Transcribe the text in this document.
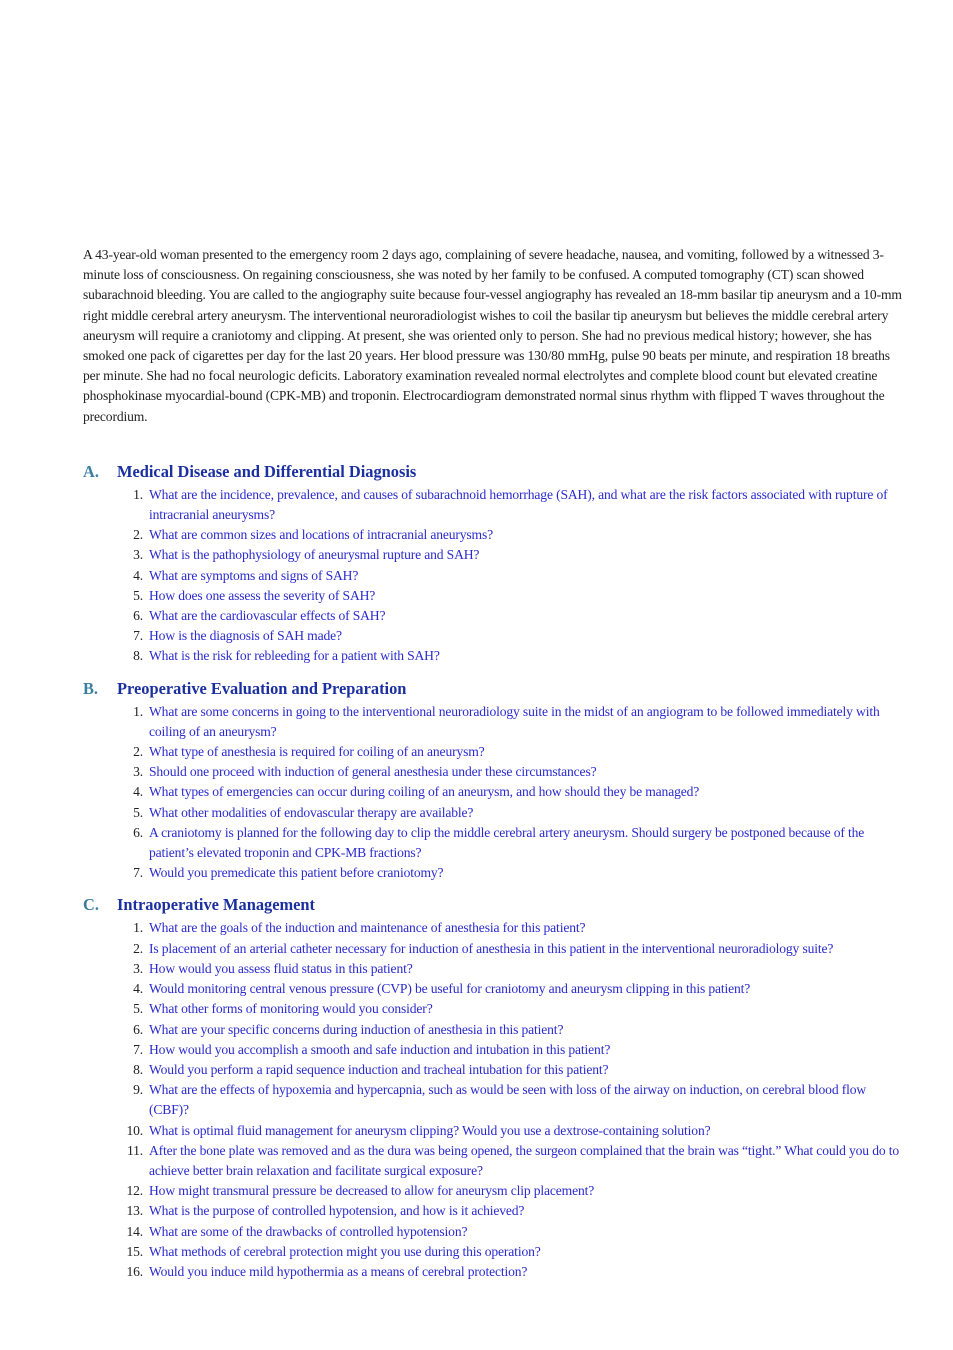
A 43-year-old woman presented to the emergency room 2 days ago, complaining of severe headache, nausea, and vomiting, followed by a witnessed 3-minute loss of consciousness. On regaining consciousness, she was noted by her family to be confused. A computed tomography (CT) scan showed subarachnoid bleeding. You are called to the angiography suite because four-vessel angiography has revealed an 18-mm basilar tip aneurysm and a 10-mm right middle cerebral artery aneurysm. The interventional neuroradiologist wishes to coil the basilar tip aneurysm but believes the middle cerebral artery aneurysm will require a craniotomy and clipping. At present, she was oriented only to person. She had no previous medical history; however, she has smoked one pack of cigarettes per day for the last 20 years. Her blood pressure was 130/80 mmHg, pulse 90 beats per minute, and respiration 18 breaths per minute. She had no focal neurologic deficits. Laboratory examination revealed normal electrolytes and complete blood count but elevated creatine phosphokinase myocardial-bound (CPK-MB) and troponin. Electrocardiogram demonstrated normal sinus rhythm with flipped T waves throughout the precordium.

A.	Medical Disease and Differential Diagnosis
1. What are the incidence, prevalence, and causes of subarachnoid hemorrhage (SAH), and what are the risk factors associated with rupture of intracranial aneurysms?
2. What are common sizes and locations of intracranial aneurysms?
3. What is the pathophysiology of aneurysmal rupture and SAH?
4. What are symptoms and signs of SAH?
5. How does one assess the severity of SAH?
6. What are the cardiovascular effects of SAH?
7. How is the diagnosis of SAH made?
8. What is the risk for rebleeding for a patient with SAH?
B.	Preoperative Evaluation and Preparation
1. What are some concerns in going to the interventional neuroradiology suite in the midst of an angiogram to be followed immediately with coiling of an aneurysm?
2. What type of anesthesia is required for coiling of an aneurysm?
3. Should one proceed with induction of general anesthesia under these circumstances?
4. What types of emergencies can occur during coiling of an aneurysm, and how should they be managed?
5. What other modalities of endovascular therapy are available?
6. A craniotomy is planned for the following day to clip the middle cerebral artery aneurysm. Should surgery be postponed because of the patient’s elevated troponin and CPK-MB fractions?
7. Would you premedicate this patient before craniotomy?
C.	Intraoperative Management
1. What are the goals of the induction and maintenance of anesthesia for this patient?
2. Is placement of an arterial catheter necessary for induction of anesthesia in this patient in the interventional neuroradiology suite?
3. How would you assess fluid status in this patient?
4. Would monitoring central venous pressure (CVP) be useful for craniotomy and aneurysm clipping in this patient?
5. What other forms of monitoring would you consider?
6. What are your specific concerns during induction of anesthesia in this patient?
7. How would you accomplish a smooth and safe induction and intubation in this patient?
8. Would you perform a rapid sequence induction and tracheal intubation for this patient?
9. What are the effects of hypoxemia and hypercapnia, such as would be seen with loss of the airway on induction, on cerebral blood flow (CBF)?
10. What is optimal fluid management for aneurysm clipping? Would you use a dextrose-containing solution?
11. After the bone plate was removed and as the dura was being opened, the surgeon complained that the brain was “tight.” What could you do to achieve better brain relaxation and facilitate surgical exposure?
12. How might transmural pressure be decreased to allow for aneurysm clip placement?
13. What is the purpose of controlled hypotension, and how is it achieved?
14. What are some of the drawbacks of controlled hypotension?
15. What methods of cerebral protection might you use during this operation?
16. Would you induce mild hypothermia as a means of cerebral protection?
